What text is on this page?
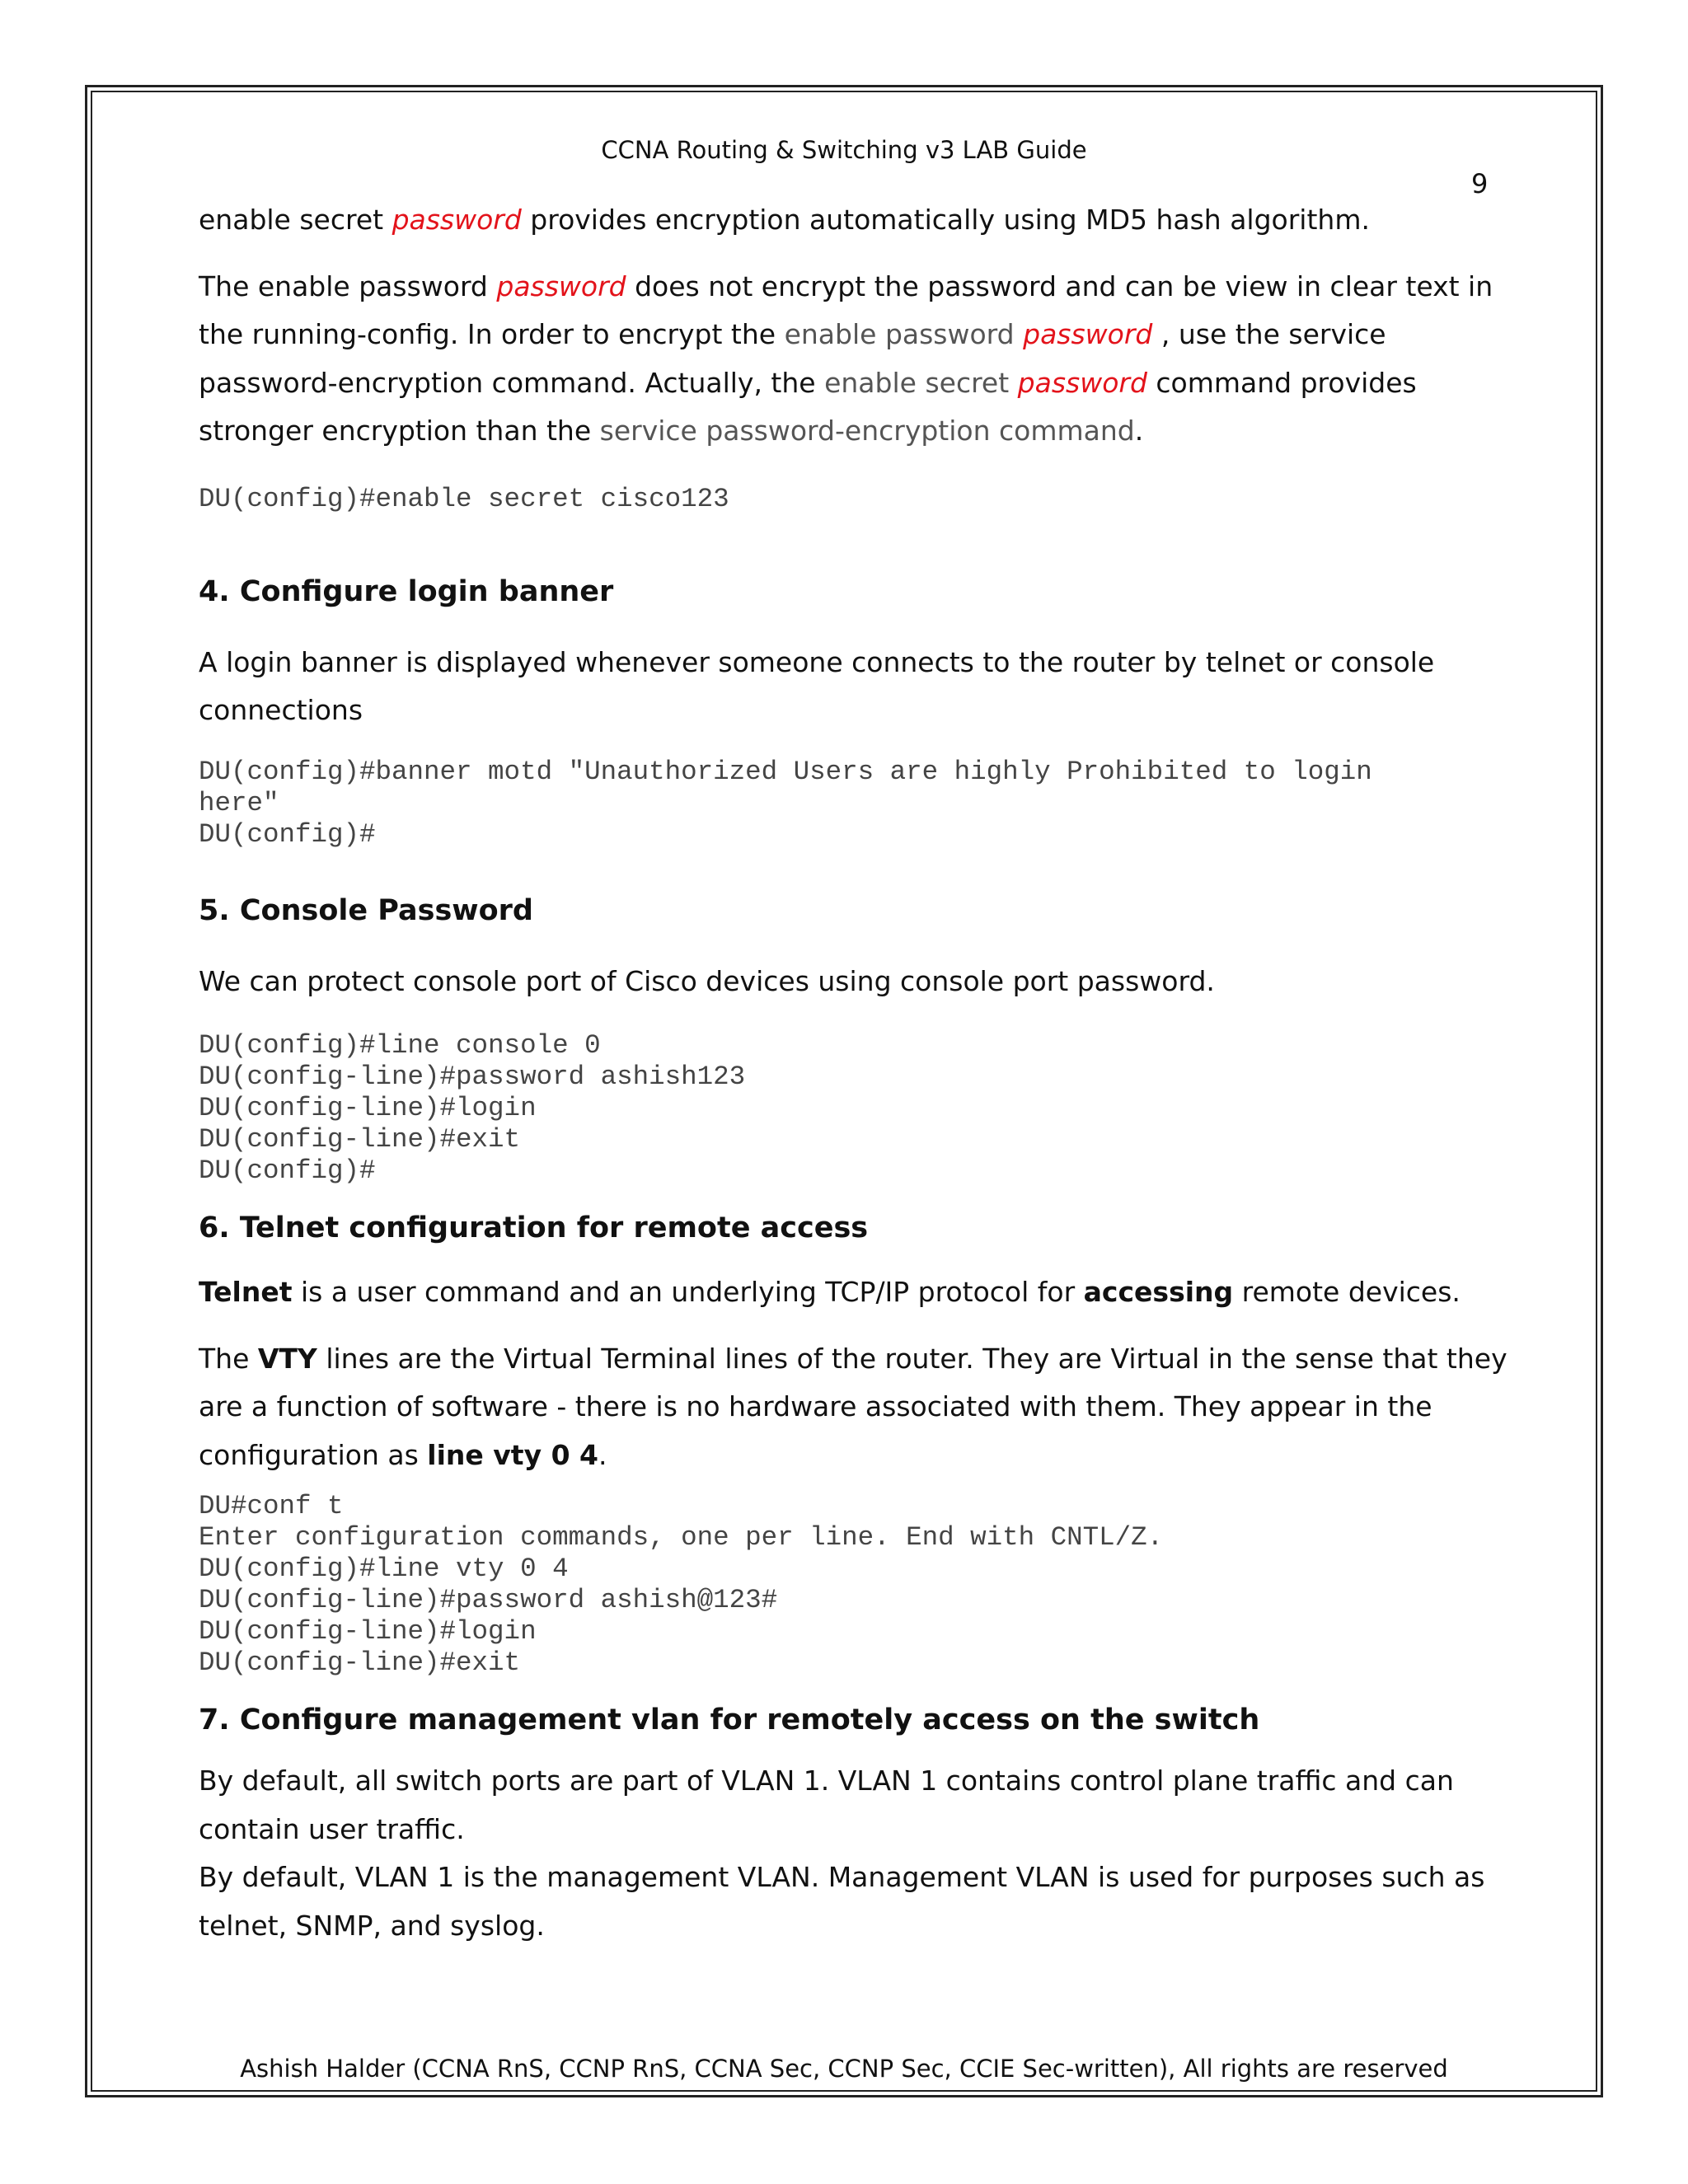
CCNA Routing & Switching v3 LAB Guide
9

enable secret password provides encryption automatically using MD5 hash algorithm.

The enable password password does not encrypt the password and can be view in clear text in the running-config. In order to encrypt the enable password password , use the service password-encryption command. Actually, the enable secret password command provides stronger encryption than the service password-encryption command.

DU(config)#enable secret cisco123
4. Configure login banner

A login banner is displayed whenever someone connects to the router by telnet or console connections

DU(config)#banner motd "Unauthorized Users are highly Prohibited to login
here"
DU(config)#
5. Console Password

We can protect console port of Cisco devices using console port password.

DU(config)#line console 0
DU(config-line)#password ashish123
DU(config-line)#login
DU(config-line)#exit
DU(config)#
6. Telnet configuration for remote access

Telnet is a user command and an underlying TCP/IP protocol for accessing remote devices.

The VTY lines are the Virtual Terminal lines of the router. They are Virtual in the sense that they are a function of software - there is no hardware associated with them. They appear in the configuration as line vty 0 4.

DU#conf t
Enter configuration commands, one per line. End with CNTL/Z.
DU(config)#line vty 0 4
DU(config-line)#password ashish@123#
DU(config-line)#login
DU(config-line)#exit
7. Configure management vlan for remotely access on the switch

By default, all switch ports are part of VLAN 1. VLAN 1 contains control plane traffic and can contain user traffic.

By default, VLAN 1 is the management VLAN. Management VLAN is used for purposes such as telnet, SNMP, and syslog.

Ashish Halder (CCNA RnS, CCNP RnS, CCNA Sec, CCNP Sec, CCIE Sec-written), All rights are reserved
